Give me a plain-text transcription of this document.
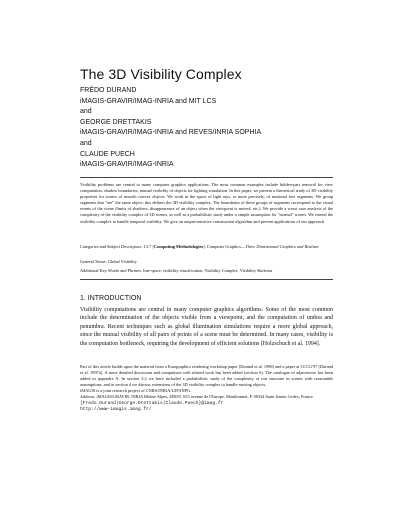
The 3D Visibility Complex
FRÉDO DURAND
iMAGIS-GRAVIR/IMAG-INRIA and MIT LCS
and
GEORGE DRETTAKIS
iMAGIS-GRAVIR/IMAG-INRIA and REVES/INRIA SOPHIA
and
CLAUDE PUECH
iMAGIS-GRAVIR/IMAG-INRIA
Visibility problems are central to many computer graphics applications. The most common examples include hidden-part removal for view computation, shadow boundaries, mutual visibility of objects for lighting simulation. In this paper, we present a theoretical study of 3D visibility properties for scenes of smooth convex objects. We work in the space of light rays, or more precisely, of maximal free segments. We group segments that "see" the same object; this defines the 3D visibility complex. The boundaries of these groups of segments correspond to the visual events of the scene (limits of shadows, disappearance of an object when the viewpoint is moved, etc.). We provide a worst case analysis of the complexity of the visibility complex of 3D scenes, as well as a probabilistic study under a simple assumption for "normal" scenes. We extend the visibility complex to handle temporal visibility. We give an output-sensitive construction algorithm and present applications of our approach.
Categories and Subject Descriptors: I.3.7 [Computing Methodologies]: Computer Graphics—Three Dimensional Graphics and Realism
General Terms: Global Visibility
Additional Key Words and Phrases: line-space, visibility classification, Visibility Complex, Visibility Skeleton
1. INTRODUCTION
Visibility computations are central in many computer graphics algorithms. Some of the most common include the determination of the objects visible from a viewpoint, and the computation of umbra and penumbra. Recent techniques such as global illumination simulations require a more global approach, since the mutual visibility of all pairs of points of a scene must be determined. In many cases, visibility is the computation bottleneck, requiring the development of efficient solutions [Holzschuch et al. 1994].
Part of this article builds upon the material from a Eurographics rendering workshop paper [Durand et al. 1996] and a paper at CCCG'97 [Durand et al. 1997a]. A more detailed discussion and comparison with related work has been added (section 6). The catalogue of adjacencies has been added in appendix A. In section 3.2 we have included a probabilistic study of the complexity of our structure in scenes with reasonable assumptions, and in section 4 we discuss extensions of the 3D visibility complex to handle moving objects.
iMAGIS is a joint research project of CNRS/INRIA/UJF/INPG.
Address: iMAGIS/GRAVIR, INRIA Rhône-Alpes, ZIRST, 655 avenue de l'Europe, Montbonnot, F-38334 Saint Ismier Cedex, France
{Fredo.Durand|George.Drettakis|Claude.Puech}@imag.fr
http://www-imagis.imag.fr/
